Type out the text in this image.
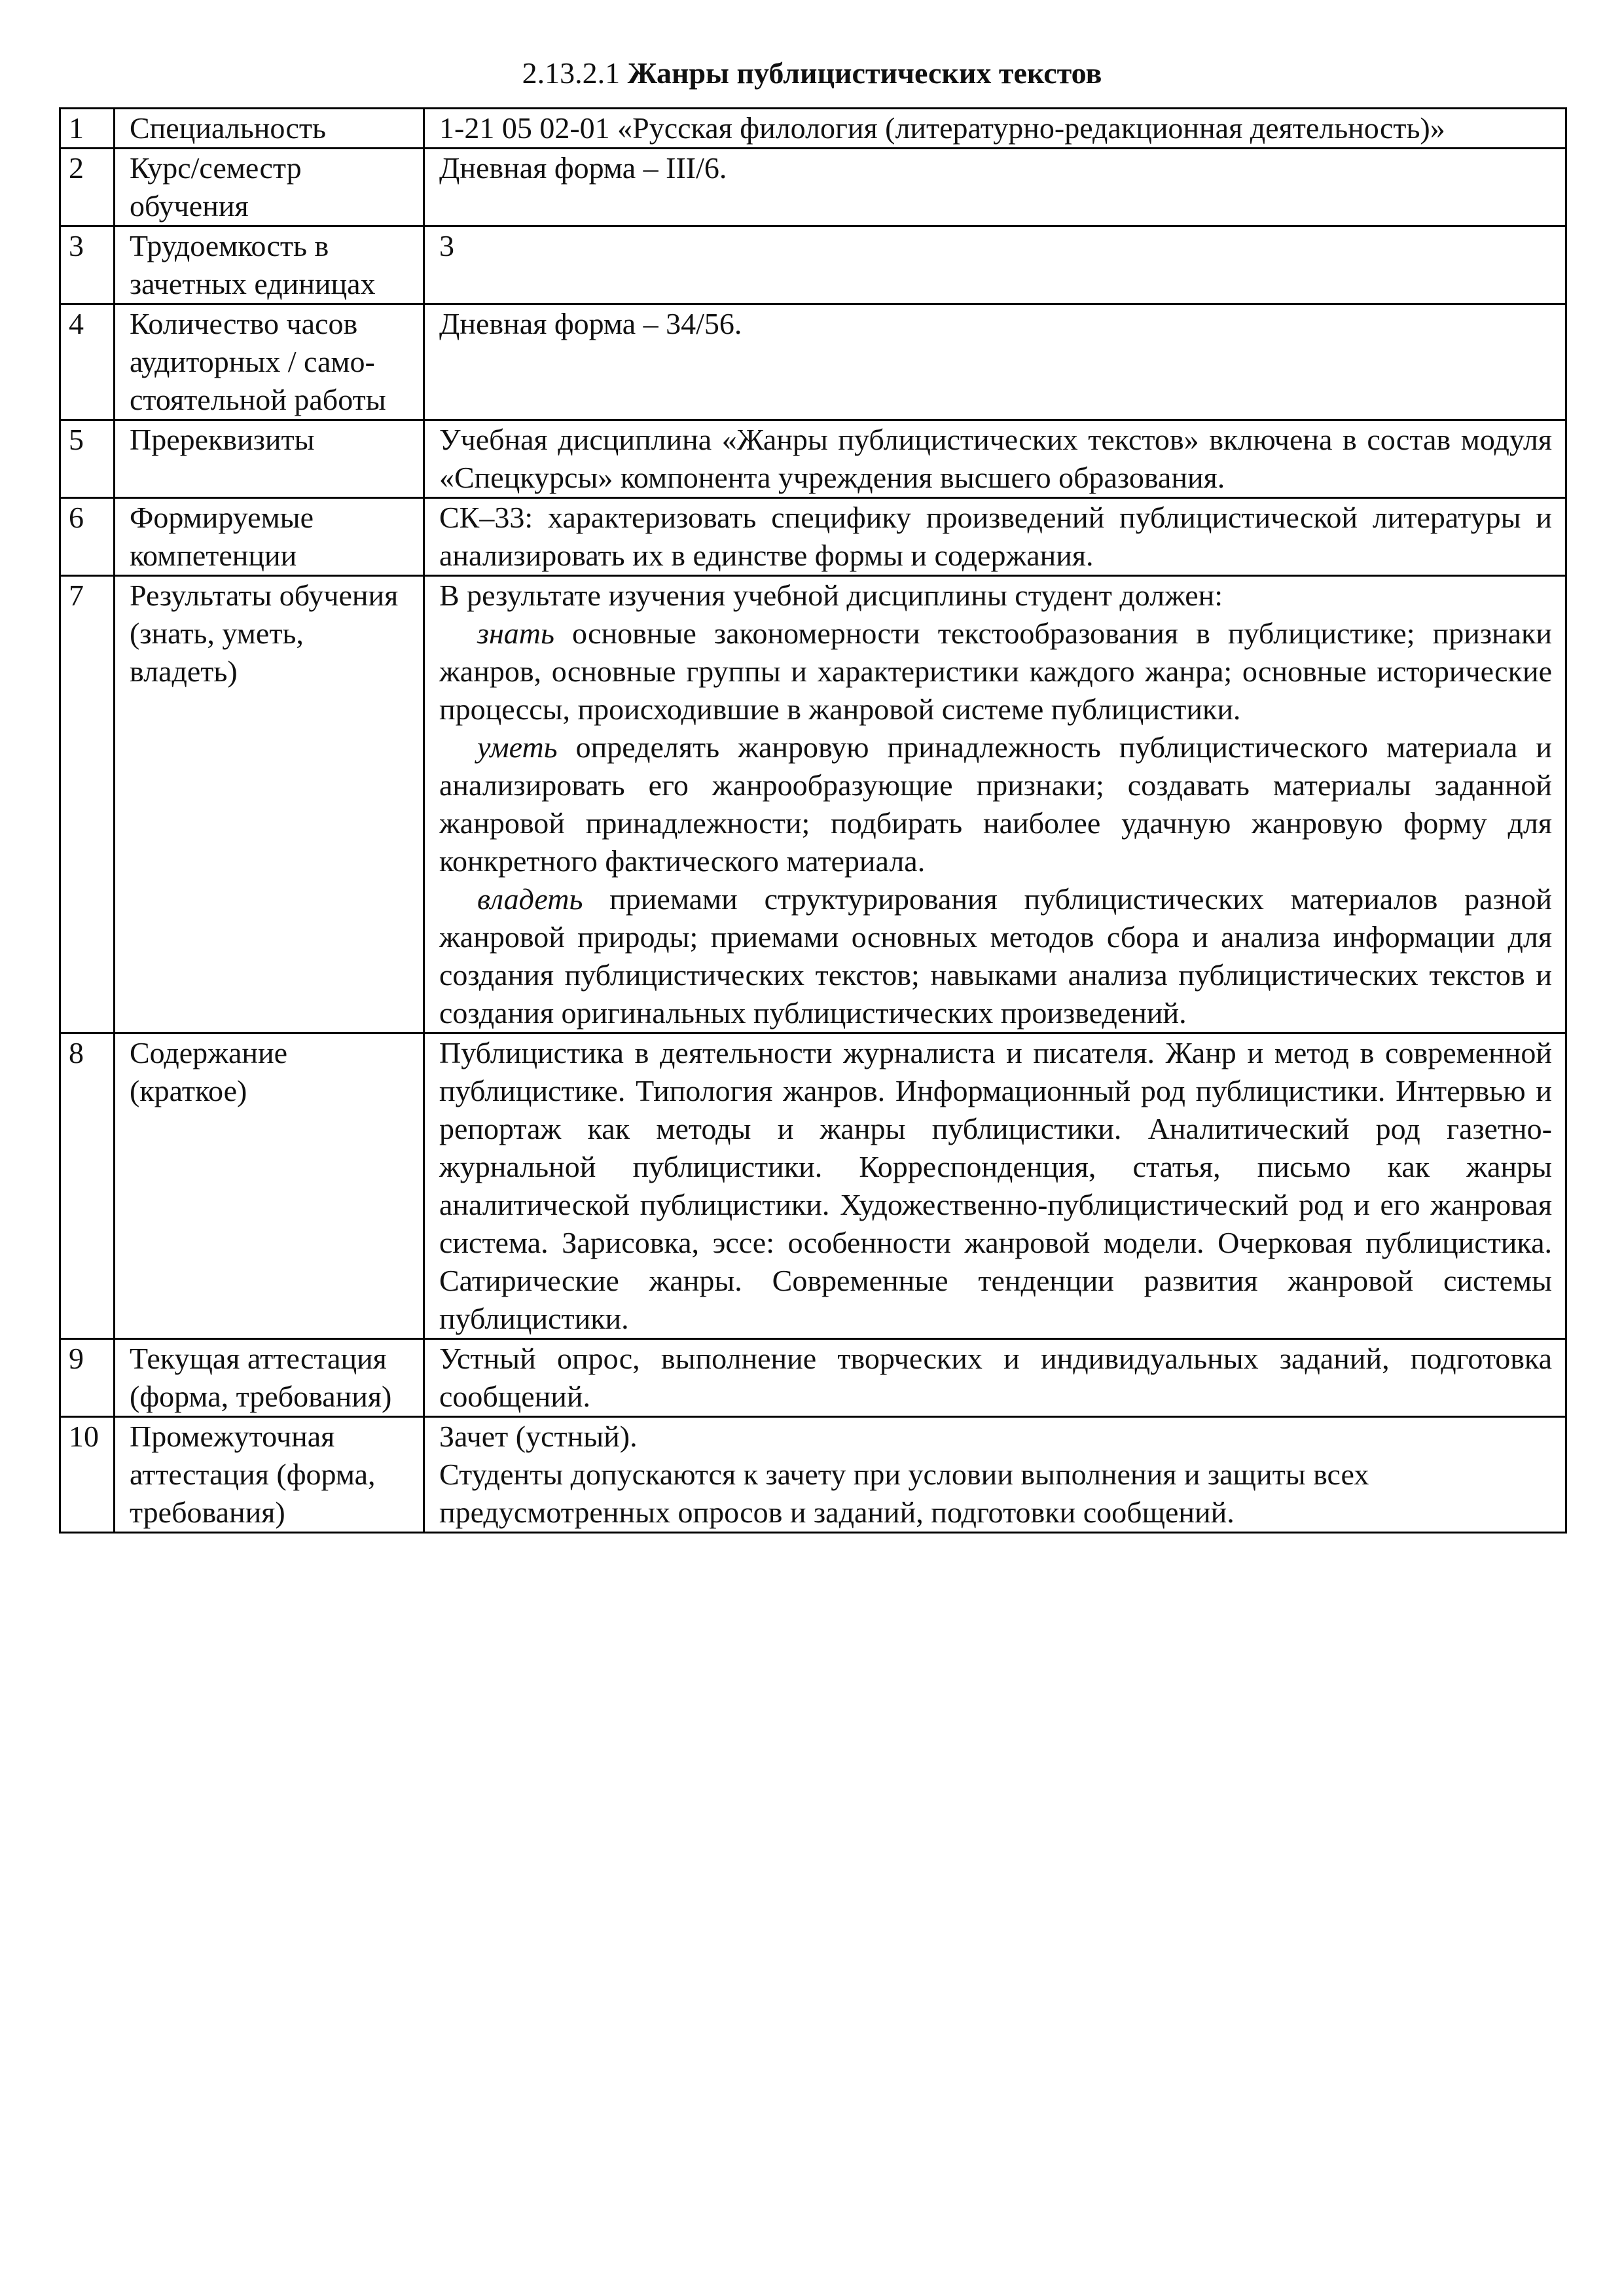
2.13.2.1 Жанры публицистических текстов
1	Специальность	1-21 05 02-01 «Русская филология (литературно-редакционная деятельность)»

2	Курс/семестр обучения	Дневная форма – III/6.

3	Трудоемкость в зачетных единицах	3

4	Количество часов аудиторных / само-стоятельной работы	Дневная форма – 34/56.

5	Пререквизиты	Учебная дисциплина «Жанры публицистических текстов» включена в состав модуля «Спецкурсы» компонента учреждения высшего образования.

6	Формируемые компетенции	СК–33: характеризовать специфику произведений публицистической литературы и анализировать их в единстве формы и содержания.

7	Результаты обучения (знать, уметь, владеть)	В результате изучения учебной дисциплины студент должен:

знать основные закономерности текстообразования в публицистике; признаки жанров, основные группы и характеристики каждого жанра; основные исторические процессы, происходившие в жанровой системе публицистики.

уметь определять жанровую принадлежность публицистического материала и анализировать его жанрообразующие признаки; создавать материалы заданной жанровой принадлежности; подбирать наиболее удачную жанровую форму для конкретного фактического материала.

владеть приемами структурирования публицистических материалов разной жанровой природы; приемами основных методов сбора и анализа информации для создания публицистических текстов; навыками анализа публицистических текстов и создания оригинальных публицистических произведений.

8	Содержание (краткое)	Публицистика в деятельности журналиста и писателя. Жанр и метод в современной публицистике. Типология жанров. Информационный род публицистики. Интервью и репортаж как методы и жанры публицистики. Аналитический род газетно-журнальной публицистики. Корреспонденция, статья, письмо как жанры аналитической публицистики. Художественно-публицистический род и его жанровая система. Зарисовка, эссе: особенности жанровой модели. Очерковая публицистика. Сатирические жанры. Современные тенденции развития жанровой системы публицистики.

9	Текущая аттестация (форма, требования)	Устный опрос, выполнение творческих и индивидуальных заданий, подготовка сообщений.

10	Промежуточная аттестация (форма, требования)	Зачет (устный).

Студенты допускаются к зачету при условии выполнения и защиты всех предусмотренных опросов и заданий, подготовки сообщений.
